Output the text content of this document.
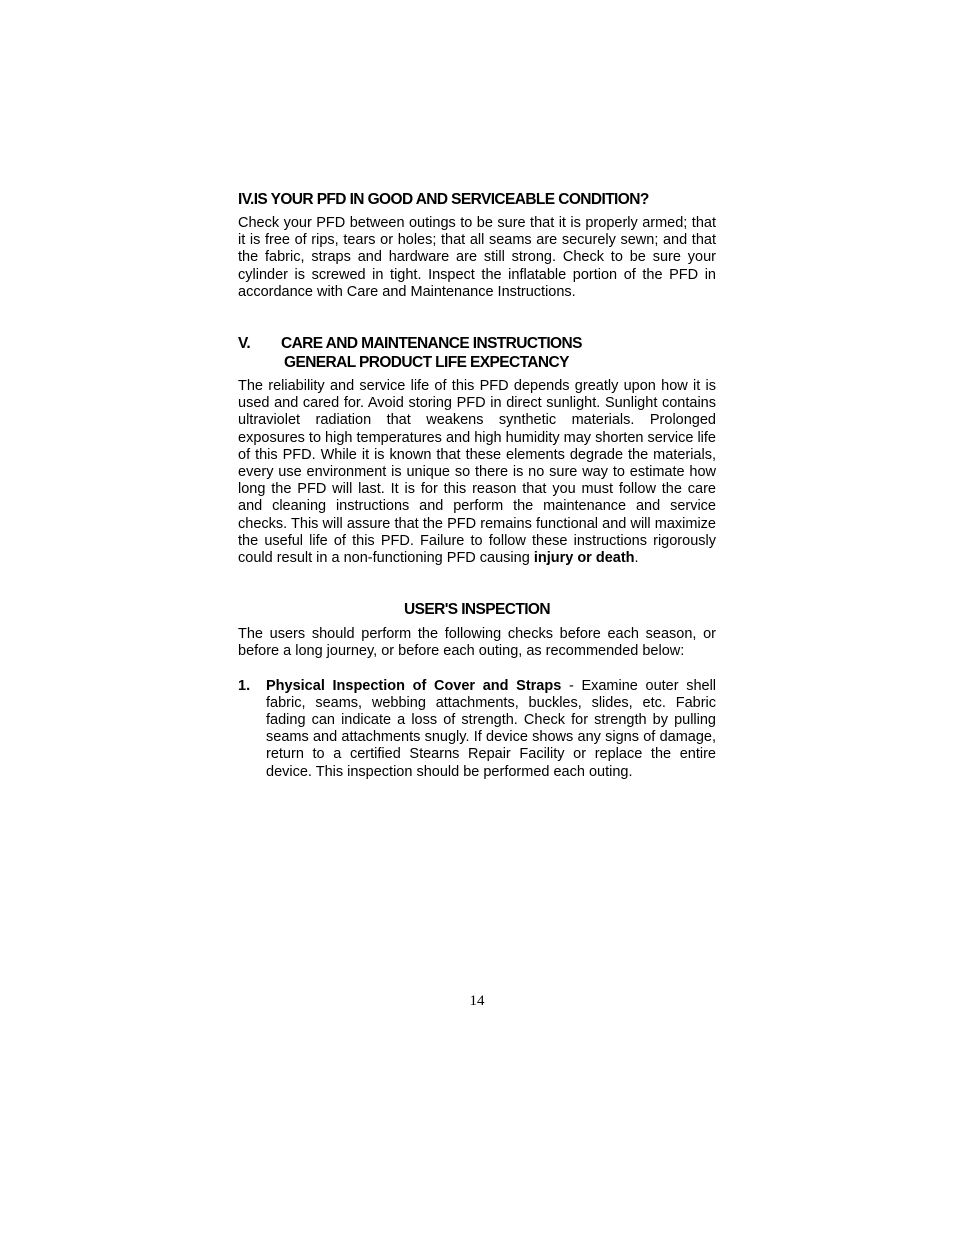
IV.IS YOUR PFD IN GOOD AND SERVICEABLE CONDITION?

Check your PFD between outings to be sure that it is properly armed; that it is free of rips, tears or holes; that all seams are securely sewn; and that the fabric, straps and hardware are still strong. Check to be sure your cylinder is screwed in tight. Inspect the inflatable portion of the PFD in accordance with Care and Maintenance Instructions.

V.	CARE AND MAINTENANCE INSTRUCTIONS
GENERAL PRODUCT LIFE EXPECTANCY

The reliability and service life of this PFD depends greatly upon how it is used and cared for. Avoid storing PFD in direct sunlight. Sunlight contains ultraviolet radiation that weakens synthetic materials. Prolonged exposures to high temperatures and high humidity may shorten service life of this PFD. While it is known that these elements degrade the materials, every use environment is unique so there is no sure way to estimate how long the PFD will last. It is for this reason that you must follow the care and cleaning instructions and perform the maintenance and service checks. This will assure that the PFD remains functional and will maximize the useful life of this PFD. Failure to follow these instructions rigorously could result in a non-functioning PFD causing injury or death.

USER'S INSPECTION

The users should perform the following checks before each season, or before a long journey, or before each outing, as recommended below:

1.	Physical Inspection of Cover and Straps - Examine outer shell fabric, seams, webbing attachments, buckles, slides, etc. Fabric fading can indicate a loss of strength. Check for strength by pulling seams and attachments snugly. If device shows any signs of damage, return to a certified Stearns Repair Facility or replace the entire device. This inspection should be performed each outing.

14
